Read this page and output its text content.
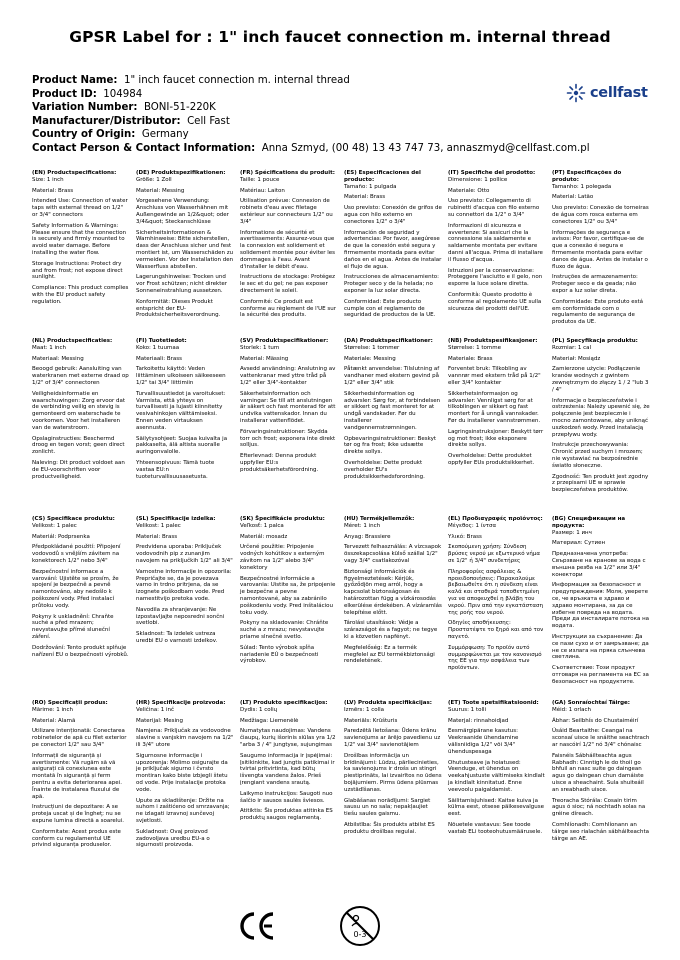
GPSR Label for : 1" inch faucet connection m. internal thread
Product Name: 1" inch faucet connection m. internal thread
Product ID: 104984
Variation Number: BONI-51-220K
Manufacturer/Distributor: Cell Fast
Country of Origin: Germany
Contact Person & Contact Information: Anna Szmyd, (00 48) 13 43 747 73, annaszmyd@cellfast.com.pl
cellfast
(EN) Productspecifications:
Size: 1 inch
Material: Brass
Intended Use: Connection of water taps with external thread on 1/2" or 3/4" connectors
Safety Information & Warnings: Please ensure that the connection is securely and firmly mounted to avoid water damage. Before installing the water flow.
Storage Instructions: Protect dry and from frost; not expose direct sunlight.
Compliance: This product complies with the EU product safety regulation.
(DE) Produktspezifikationen:
Größe: 1 Zoll
Material: Messing
Vorgesehene Verwendung: Anschluss von Wasserhähnen mit Außengewinde an 1/2&quot; oder 3/4&quot; Steckanschlüsse
Sicherheitsinformationen & Warnhinweise: Bitte sicherstellen, dass der Anschluss sicher und fest montiert ist, um Wasserschäden zu vermeiden. Vor der Installation den Wasserfluss abstellen.
Lagerungshinweise: Trocken und vor Frost schützen; nicht direkter Sonneneinstrahlung aussetzen.
Konformität: Dieses Produkt entspricht der EU-Produktsicherheitsverordnung.
(FR) Spécifications du produit:
Taille: 1 pouce
Matériau: Laiton
Utilisation prévue: Connexion de robinets d'eau avec filetage extérieur sur connecteurs 1/2" ou 3/4"
Informations de sécurité et avertissements: Assurez-vous que la connexion est solidement et solidement montée pour éviter les dommages à l'eau. Avant d'installer le débit d'eau.
Instructions de stockage: Protégez le sec et du gel; ne pas exposer directement le soleil.
Conformité: Ce produit est conforme au règlement de l'UE sur la sécurité des produits.
(ES) Especificaciones del producto:
Tamaño: 1 pulgada
Material: Brass
Uso previsto: Conexión de grifos de agua con hilo externo en conectores 1/2" o 3/4"
Información de seguridad y advertencias: Por favor, asegúrese de que la conexión esté segura y firmemente montada para evitar daños en el agua. Antes de instalar el flujo de agua.
Instrucciones de almacenamiento: Proteger seco y de la helada; no exponer la luz solar directa.
Conformidad: Este producto cumple con el reglamento de seguridad de productos de la UE.
(IT) Specifiche del prodotto:
Dimensione: 1 pollice
Materiale: Otto
Uso previsto: Collegamento di rubinetti d'acqua con filo esterno su connettori da 1/2" o 3/4"
Informazioni di sicurezza e avvertenze: Si assicuri che la connessione sia saldamente e saldamente montata per evitare danni all'acqua. Prima di installare il flusso d'acqua.
Istruzioni per la conservazione: Proteggere l'asciutto e il gelo, non esporre la luce solare diretta.
Conformità: Questo prodotto è conforme al regolamento UE sulla sicurezza dei prodotti dell'UE.
(PT) Especificações do produto:
Tamanho: 1 polegada
Material: Latão
Uso previsto: Conexão de torneiras de água com rosca externa em conectores 1/2" ou 3/4"
Informações de segurança e avisos: Por favor, certifique-se de que a conexão é segura e firmemente montada para evitar danos de água. Antes de instalar o fluxo de água.
Instruções de armazenamento: Proteger seco e da geada; não expor a luz solar direta.
Conformidade: Este produto está em conformidade com o regulamento de segurança de produtos da UE.
(NL) Productspecificaties:
Maat: 1 inch
Materiaal: Messing
Beoogd gebruik: Aansluiting van waterkranen met externe draad op 1/2" of 3/4" connectoren
Veiligheidsinformatie en waarschuwingen: Zorg ervoor dat de verbinding veilig en stevig is gemonteerd om waterschade te voorkomen. Voor het installeren van de waterstroom.
Opslaginstructies: Beschermd droog en tegen vorst; geen direct zonlicht.
Naleving: Dit product voldoet aan de EU-voorschriften voor productveiligheid.
(FI) Tuotetiedot:
Koko: 1 tuumaa
Materiaali: Brass
Tarkoitettu käyttö: Veden liittäminen ulkoiseen säikeeseen 1/2" tai 3/4" liittimiin
Turvallisuustiedot ja varoitukset: Varmista, että yhteys on turvallisesti ja lujasti kiinnitetty vesivahinkojen välttämiseksi. Ennen veden virtauksen asennusta.
Säilytysohjeet: Suojaa kuivalta ja pakkaselta, älä altista suoralle auringonvalolle.
Yhteensopivuus: Tämä tuote vastaa EU:n tuoteturvallisuusasetusta.
(SV) Produktspecifikationer:
Storlek: 1 tum
Material: Mässing
Avsedd användning: Anslutning av vattenkranar med yttre tråd på 1/2" eller 3/4"-kontakter
Säkerhetsinformation och varningar: Se till att anslutningen är säkert och fast monterad för att undvika vattenskador. Innan du installerar vattenflödet.
Förvaringsinstruktioner: Skydda torr och frost; exponera inte direkt solljus.
Efterlevnad: Denna produkt uppfyller EU:s produktsäkerhetsförordning.
(DA) Produktspecifikationer:
Størrelse: 1 tommer
Materiale: Messing
Påtænkt anvendelse: Tilslutning af vandhaner med ekstern gevind på 1/2" eller 3/4" stik
Sikkerhedsinformation og advarsler: Sørg for, at forbindelsen er sikkert og fast monteret for at undgå vandskader. Før du installerer vandgennemstrømningen.
Opbevaringsinstruktioner: Beskyt tør og fra frost; ikke udsætte direkte sollys.
Overholdelse: Dette produkt overholder EU's produktsikkerhedsforordning.
(NB) Produktspesifikasjoner:
Størrelse: 1 tomme
Materiale: Brass
Forventet bruk: Tilkobling av vannrør med ekstern tråd på 1/2" eller 3/4" kontakter
Sikkerhetsinformasjon og advarsler: Vennligst sørg for at tilkoblingen er sikkert og fast montert for å unngå vannskader. Før du installerer vannstrømmen.
Lagringsinstruksjoner: Beskytt tørr og mot frost; ikke eksponere direkte sollys.
Overholdelse: Dette produktet oppfyller EUs produktsikkerhet.
(PL) Specyfikacja produktu:
Rozmiar: 1 cal
Materiał: Mosiądz
Zamierzone użycie: Podłączenie kranów wodnych z gwintem zewnętrznym do złączy 1 / 2 "lub 3 / 4"
Informacje o bezpieczeństwie i ostrzeżenia: Należy upewnić się, że połączenie jest bezpiecznie i mocno zamontowane, aby uniknąć uszkodzeń wody. Przed instalacją przepływu wody.
Instrukcje przechowywania: Chronić przed suchym i mrozem; nie wystawiać na bezpośrednie światło słoneczne.
Zgodność: Ten produkt jest zgodny z przepisami UE w sprawie bezpieczeństwa produktów.
(CS) Specifikace produktu:
Velikost: 1 palec
Materiál: Podprsenka
Předpokládané použití: Připojení vodovodů s vnějším závitem na konektorech 1/2" nebo 3/4"
Bezpečnostní informace a varování: Ujistěte se prosím, že spojení je bezpečně a pevně namontováno, aby nedošlo k poškození vody. Před instalací průtoku vody.
Pokyny k uskladnění: Chraňte suché a před mrazem; nevystavujte přímé sluneční záření.
Dodržování: Tento produkt splňuje nařízení EU o bezpečnosti výrobků.
(SL) Specifikacije izdelka:
Velikost: 1 palec
Material: Brass
Predvidena uporaba: Priključek vodovodnih pip z zunanjim navojem na priključkih 1/2" ali 3/4"
Varnostne informacije in opozorila: Prepričajte se, da je povezava varno in trdno pritrjena, da se izognete poškodbam vode. Pred namestitvijo pretoka vode.
Navodila za shranjevanje: Ne izpostavljajte neposredni sončni svetlobi.
Skladnost: Ta izdelek ustreza uredbi EU o varnosti izdelkov.
(SK) Špecifikácie produktu:
Veľkosť: 1 palca
Materiál: mosadz
Určené použitie: Pripojenie vodných kohútikov s externým závitom na 1/2" alebo 3/4" konektory
Bezpečnostné informácie a varovania: Uistite sa, že pripojenie je bezpečne a pevne namontované, aby sa zabránilo poškodeniu vody. Pred inštaláciou toku vody.
Pokyny na skladovanie: Chráňte suché a z mrazu; nevystavujte priame slnečné svetlo.
Súlad: Tento výrobok spĺňa nariadenie EÚ o bezpečnosti výrobkov.
(HU) Termékjellemzők:
Méret: 1 inch
Anyag: Brassiere
Tervezett felhasználás: A vízcsapok összekapcsolása külső szállal 1/2" vagy 3/4" csatlakozóval
Biztonsági információk és figyelmeztetések: Kérjük, győződjön meg arról, hogy a kapcsolat biztonságosan és határozottan függ a vízkárosodás elkerülése érdekében. A vízáramlás telepítése előtt.
Tárolási utasítások: Védje a szárazságot és a fagyot; ne tegye ki a közvetlen napfényt.
Megfelelőség: Ez a termék megfelel az EU termékbiztonsági rendeletének.
(EL) Προδιαγραφές προϊόντος:
Μέγεθος: 1 ίντσα
Υλικό: Brass
Σκοπούμενη χρήση: Σύνδεση βρύσες νερού με εξωτερικό νήμα σε 1/2" ή 3/4" συνδετήρες
Πληροφορίες ασφάλειας & προειδοποιήσεις: Παρακαλούμε βεβαιωθείτε ότι η σύνδεση είναι καλά και σταθερά τοποθετημένη για να αποφευχθεί η βλάβη του νερού. Πριν από την εγκατάσταση της ροής του νερού.
Οδηγίες αποθήκευσης: Προστατέψτε το ξηρό και από τον παγετό.
Συμμόρφωση: Το προϊόν αυτό συμμορφώνεται με τον κανονισμό της ΕΕ για την ασφάλεια των προϊόντων.
(BG) Спецификации на продукта:
Размер: 1 инч
Материал: Сутиен
Предназначена употреба: Свързване на кранове за вода с външна резба на 1/2" или 3/4" конектори
Информация за безопасност и предупреждения: Моля, уверете се, че връзката е здраво и здраво монтирана, за да се избегне повреда на водата. Преди да инсталирате потока на водата.
Инструкции за съхранение: Да се пази сухо и от замръзване; да не се излага на пряка слънчева светлина.
Съответствие: Този продукт отговаря на регламента на ЕС за безопасност на продуктите.
(RO) Specificații produs:
Mărime: 1 inch
Material: Alamă
Utilizare intenționată: Conectarea robinetelor de apă cu filet exterior pe conectori 1/2" sau 3/4"
Informații de siguranță și avertismente: Vă rugăm să vă asigurați că conexiunea este montată în siguranță și ferm pentru a evita deteriorarea apei. Înainte de instalarea fluxului de apă.
Instrucțiuni de depozitare: A se proteja uscat și de îngheț; nu se expune lumina directă a soarelui.
Conformitate: Acest produs este conform cu regulamentul UE privind siguranța produselor.
(HR) Specifikacije proizvoda:
Veličina: 1 inč
Materijal: Mesing
Namjena: Priključak za vodovodne slavine s vanjskim navojem na 1/2" ili 3/4" utore
Sigurnosne informacije i upozorenja: Molimo osigurajte da je priključak sigurno i čvrsto montiran kako biste izbjegli štetu od vode. Prije instalacije protoka vode.
Upute za skladištenje: Držite na suhom i zaštićeno od smrzavanja; ne izlagati izravnoj sunčevoj svjetlosti.
Sukladnost: Ovaj proizvod zadovoljava uredbu EU-a o sigurnosti proizvoda.
(LT) Produkto specifikacijos:
Dydis: 1 colių
Medžiaga: Liemenėlė
Numatytas naudojimas: Vandens čiaupų, kurių išorinis siūlas yra 1/2 "arba 3 / 4" jungtyse, sujungimas
Saugumo informacija ir įspėjimai: Įsitikinkite, kad jungtis patikimai ir tvirtai pritvirtinta, kad būtų išvengta vandens žalos. Prieš įrengiant vandens srautą.
Laikymo instrukcijos: Saugoti nuo šalčio ir sausos saulės šviesos.
Atitiktis: Šis produktas atitinka ES produktų saugos reglamentą.
(LV) Produkta specifikācijas:
Izmērs: 1 colla
Materiāls: Krūšturis
Paredzētā lietošana: Ūdens krānu savienojums ar ārējo pavedienu uz 1/2" vai 3/4" savienotājiem
Drošības informācija un brīdinājumi: Lūdzu, pārliecinieties, ka savienojums ir drošs un stingri piestiprināts, lai izvairītos no ūdens bojājumiem. Pirms ūdens plūsmas uzstādīšanas.
Glabāšanas norādījumi: Sargiet sausu un no sala; nepakļaujiet tiešu saules gaismu.
Atbilstība: Šis produkts atbilst ES produktu drošības regulai.
(ET) Toote spetsifikatsioonid:
Suurus: 1 tolli
Materjal: rinnahoidjad
Eesmärgipärane kasutus: Veekraanide ühendamine välisniidiga 1/2" või 3/4" ühenduspesaga
Ohutusteave ja hoiatused: Veenduge, et ühendus on veekahjustuste vältimiseks kindlalt ja kindlalt kinnitatud. Enne veevoolu paigaldamist.
Säilitamisjuhised: Kaitse kuiva ja külma eest, otsese päikesevalguse eest.
Nõuetele vastavus: See toode vastab ELi tooteohutusmäärusele.
(GA) Sonraíochtaí Táirge:
Méid: 1 orlach
Ábhar: Seilbhís do Chustaiméirí
Úsáid Beartaithe: Ceangal na sconsaí uisce le snáithe seachtrach ar nascóirí 1/2" nó 3/4" chónaisc
Faisnéis Sábháilteachta agus Rabhadh: Cinntigh le do thoil go bhfuil an nasc suite go daingean agus go daingean chun damáiste uisce a sheachaint. Sula shuiteáil an sreabhadh uisce.
Treoracha Stórála: Cosain tirim agus ó sioc; ná nochtadh solas na gréine díreach.
Comhlíonadh: Comhlíonann an táirge seo rialachán sábháilteachta táirge an AE.
0-3
